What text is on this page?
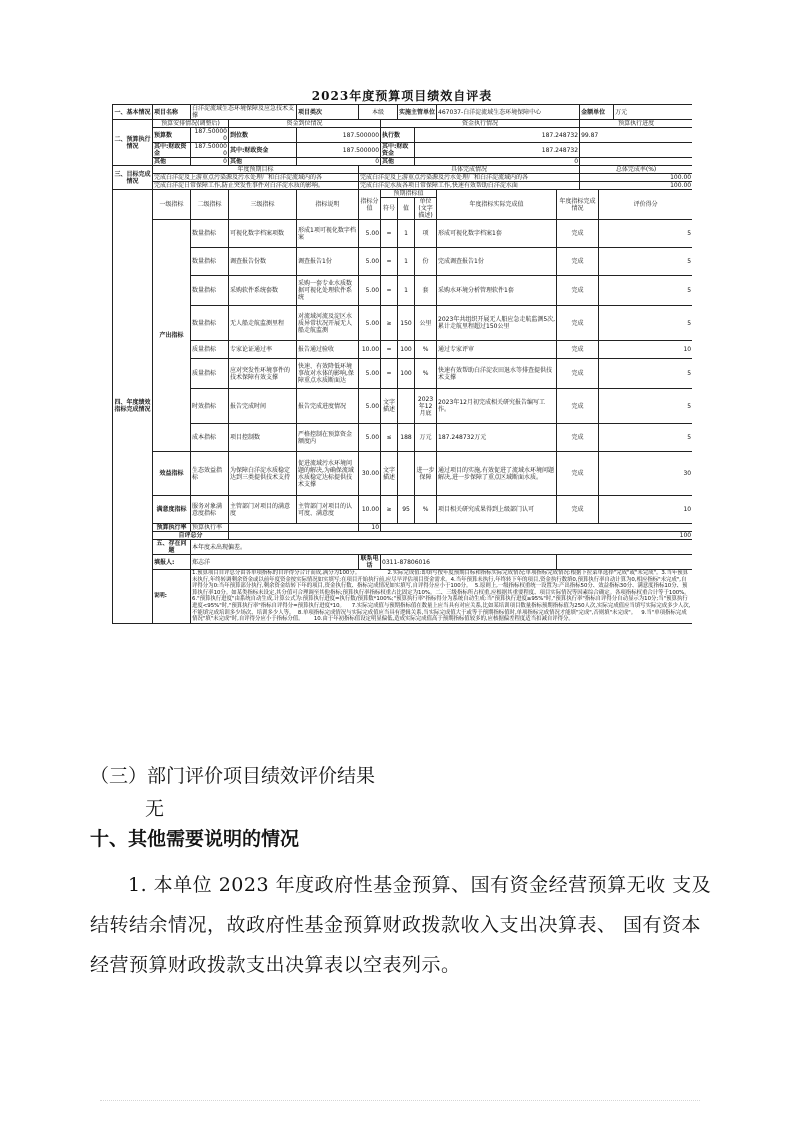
2023年度预算项目绩效自评表
一、基本情况	项目名称	白洋淀流域生态环境保障及应急技术支撑		项目类次	本级		实施主管单位		467037-白洋淀流域生态环境保障中心		金额单位		万元
二、预算执行情况	预算安排情况(调整后)		资金到位情况			资金执行情况					预算执行进度		
	预算数	187.500000	到位数	187.500000		执行数		187.248732			99.87		
	其中:财政资金	187.500000	其中:财政资金	187.500000		其中:财政资金		187.248732					
	其他	0	其他	0		其他		0					
三、目标完成情况	年度预期目标				具体完成情况						总体完成率(%)		
	完成白洋淀及上游重点污染源及污水处理厂和白洋淀流域内的各				完成白洋淀及上游重点污染源及污水处理厂和白洋淀流域内的各						100.00		
	完成白洋淀日常保障工作,防止突发性事件对白洋淀水质的影响。				完成白洋淀水质各项日常保障工作,快速有效帮助白洋淀水面						100.00		
四、年度绩效指标完成情况	一级指标	二级指标	三级指标	指标说明	指标分值	预期指标值			年度指标实际完成值	年度指标完成情况		评价得分	
						符号	值	单位(文字描述)					
	产出指标	数量指标	可视化数字档案项数	形成1项可视化数字档案	5.00	=	1	项	形成可视化数字档案1套	完成		5	
		数量指标	调查报告份数	调查报告1份	5.00	=	1	份	完成调查报告1份	完成		5	
		数量指标	采购软件系统套数	采购一套专业水质数据可视化处理软件系统	5.00	=	1	套	采购水环境分析管理软件1套	完成		5	
		数量指标	无人船走航监测里程	对流域河流及淀区水质异常状况开展无人船走航监测	5.00	≥	150	公里	2023年共组织开展无人船应急走航监测5次,累计走航里程超过150公里	完成		5	
		质量指标	专家论证通过率	报告通过验收	10.00	=	100	%	通过专家评审	完成		10	
		质量指标	应对突发性环境事件的技术保障有效支撑	快速、有效降低环境事故对水体的影响,保障重点水质断面达	5.00	=	100	%	快速有效帮助白洋淀农田退水等排查提供技术支撑	完成		5	
		时效指标	报告完成时间	报告完成进度情况	5.00	文字描述		2023年12月底	2023年12月初完成相关研究报告编写工作。	完成		5	
		成本指标	项目控制数	严格控制在预算资金额度内	5.00	≤	188	万元	187.248732万元	完成		5	
	效益指标	生态效益指标	为保障白洋淀水质稳定达到三类提供技术支持	促进流域污水环境问题的解决,为确保流域水质稳定达标提供技术支撑	30.00	文字描述		进一步保障	通过项目的实施,有效促进了流域水环境问题解决,进一步保障了重点区域断面水质。	完成		30	
	满意度指标	服务对象满意度指标	主管部门对项目的满意度	主管部门对项目的认可度、满意度	10.00	≥	95	%	项目相关研究成果得到上级部门认可	完成		10	
	预算执行率	预算执行率			10								
	自评总分		100										
	五、存在问题	本年度未出现偏差。											
	填报人:	郑志洋			联系电话	0311-87806016							
	说明:	1.预算项目自评总分由各单项指标的自评得分合计而成,满分为100分。                2.实际完成值:即填写按年度预期目标和指标实际完成情况;单项指标完成情况:根据下拉菜单选择"完成"或"未完成"。3.当年预算未执行,年终转调剩余资金或以前年度资金按实际情况如实填写;在项目开始执行前,应尽早评估项目资金需求。4.当年预算未执行,年终转下年的项目,资金执行数填0,预算执行率自动计算为0,相应指标"未完成",自评得分为0:当年预算部分执行,剩余资金结转下年的项目,资金执行数、指标完成情况如实填写,自评得分应小于100分。  5.原则上,一级指标权重统一设置为:产出指标50分、效益指标30分、满意度指标10分、预算执行率10分。如某类指标未设定,其分值可合理调至其他指标;预算执行率指标权重占比固定为10%。二、三级指标所占权重,应根据其重要程度、项目实际情况等因素综合确定。各项指标权重合计等于100%。6."预算执行进度"由系统自动生成,计算公式为:预算执行进度=执行数/预算数*100%;"预算执行率"指标得分为系统自动生成:当"预算执行进度≥95%"时,"预算执行率"指标自评得分自动显示为10分;当"预算执行进度<95%"时,"预算执行率"指标自评得分=预算执行进度*10。    7.实际完成值与预期指标值在数量上应当具有对应关系,比如某培训项目数量指标预期指标值为250人次,实际完成值应当填写实际完成多少人次,不能填完成培训多少场次、培训多少人等。  8.单项指标完成情况与实际完成值应当具有逻辑关系,当实际完成值大于或等于预期指标值时,单项指标完成情况才能填"完成",否则填"未完成"。   9.当"单项指标完成情况"填"未完成"时,自评得分应小于指标分值。      10.由于年初指标值设定明显偏低,造成实际完成值高于预期指标值较多的,应核据偏差程度适当扣减自评得分。											
（三）部门评价项目绩效评价结果
无
十、其他需要说明的情况
1. 本单位 2023 年度政府性基金预算、国有资金经营预算无收 支及结转结余情况，故政府性基金预算财政拨款收入支出决算表、 国有资本经营预算财政拨款支出决算表以空表列示。
